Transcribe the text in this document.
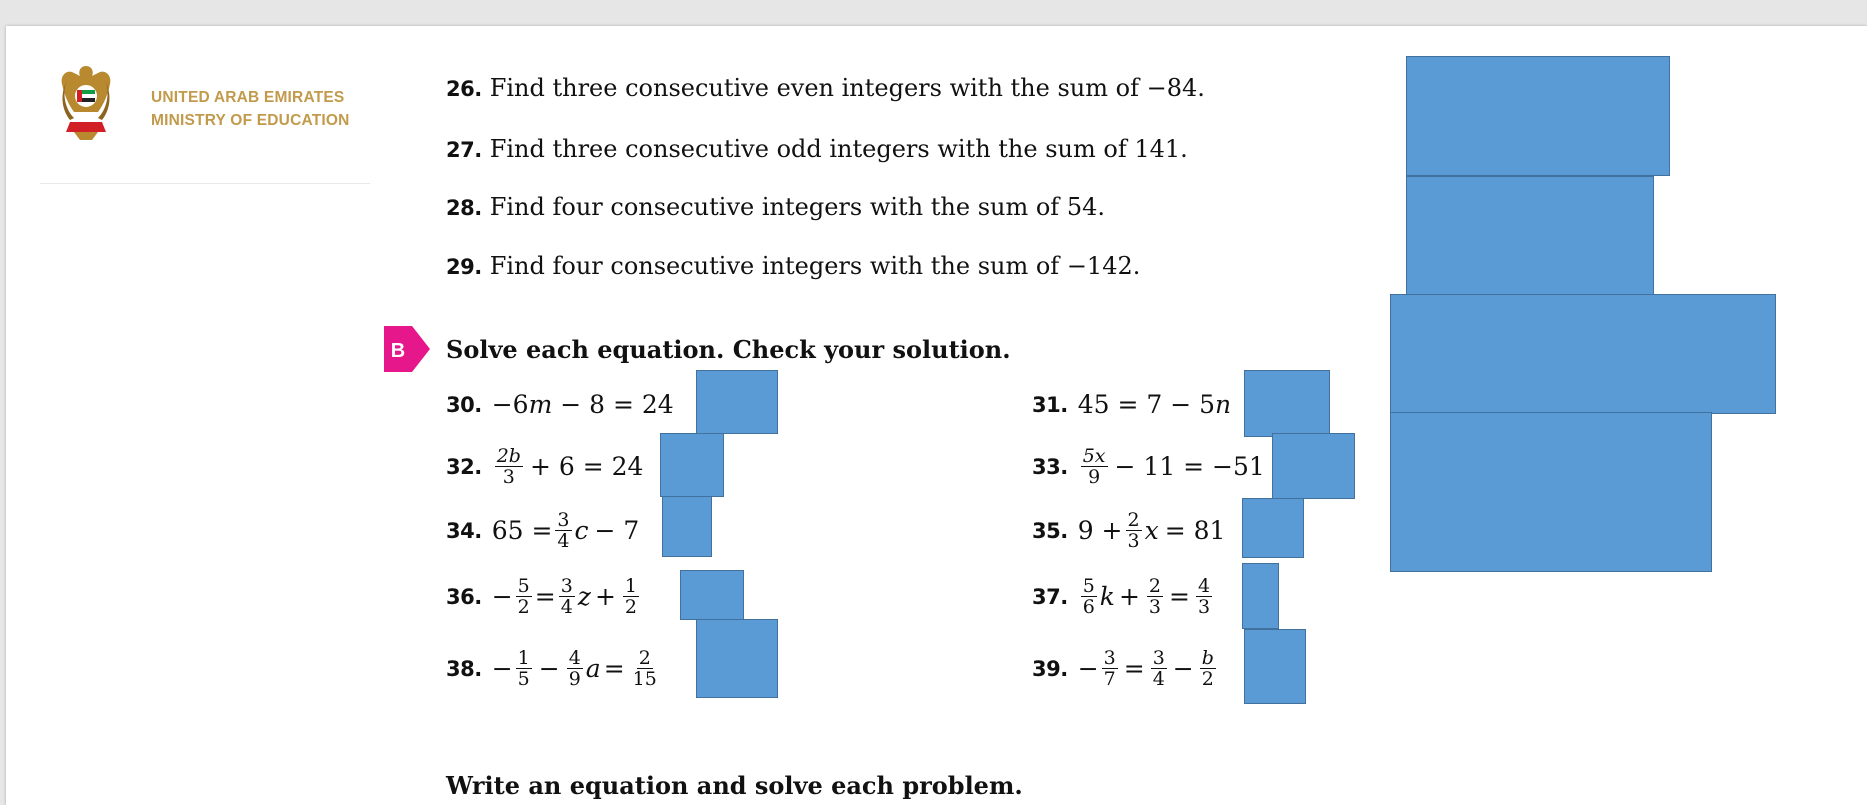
UNITED ARAB EMIRATES
MINISTRY OF EDUCATION
26. Find three consecutive even integers with the sum of −84.
27. Find three consecutive odd integers with the sum of 141.
28. Find four consecutive integers with the sum of 54.
29. Find four consecutive integers with the sum of −142.
B Solve each equation. Check your solution.
30. −6 m − 8 = 24
32. $\frac{2b}{3} + 6 = 24$
34. $65 = \frac{3}{4}$ c − 7
36. − $\frac{5}{2} = \frac{3}{4}$ $z + \frac{1}{2}$
38. − $\frac{1}{5} - \frac{4}{9}$ $a = \frac{2}{15}$
31. 45 = 7 − 5 n
33. $\frac{5x}{9} - 11 = -51$
35. $9 + \frac{2}{3}$ x = 81
37. $\frac{5}{6}$ $k + \frac{2}{3} = \frac{4}{3}$
39. − $\frac{3}{7} = \frac{3}{4} - \frac{b}{2}$
Write an equation and solve each problem.
